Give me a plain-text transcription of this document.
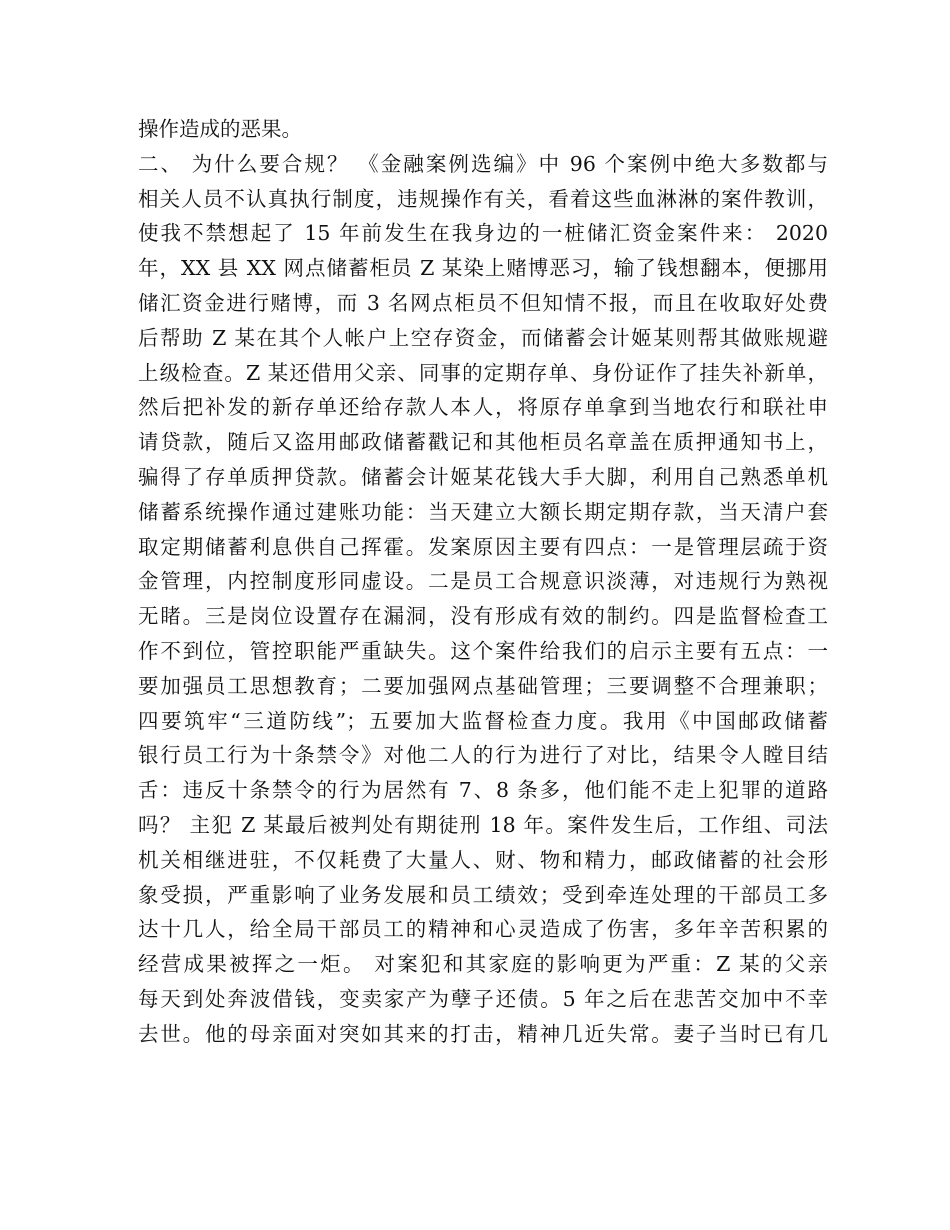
操作造成的恶果。
二、 为什么要合规？ 《金融案例选编》中 96 个案例中绝大多数都与
相关人员不认真执行制度，违规操作有关，看着这些血淋淋的案件教训，
使我不禁想起了 15 年前发生在我身边的一桩储汇资金案件来： 2020
年，XX 县 XX 网点储蓄柜员 Z 某染上赌博恶习，输了钱想翻本，便挪用
储汇资金进行赌博，而 3 名网点柜员不但知情不报，而且在收取好处费
后帮助 Z 某在其个人帐户上空存资金，而储蓄会计姬某则帮其做账规避
上级检查。Z 某还借用父亲、同事的定期存单、身份证作了挂失补新单，
然后把补发的新存单还给存款人本人，将原存单拿到当地农行和联社申
请贷款，随后又盗用邮政储蓄戳记和其他柜员名章盖在质押通知书上，
骗得了存单质押贷款。储蓄会计姬某花钱大手大脚，利用自己熟悉单机
储蓄系统操作通过建账功能：当天建立大额长期定期存款，当天清户套
取定期储蓄利息供自己挥霍。发案原因主要有四点：一是管理层疏于资
金管理，内控制度形同虚设。二是员工合规意识淡薄，对违规行为熟视
无睹。三是岗位设置存在漏洞，没有形成有效的制约。四是监督检查工
作不到位，管控职能严重缺失。这个案件给我们的启示主要有五点：一
要加强员工思想教育；二要加强网点基础管理；三要调整不合理兼职；
四要筑牢“三道防线”；五要加大监督检查力度。我用《中国邮政储蓄
银行员工行为十条禁令》对他二人的行为进行了对比，结果令人瞠目结
舌：违反十条禁令的行为居然有 7、8 条多，他们能不走上犯罪的道路
吗？ 主犯 Z 某最后被判处有期徒刑 18 年。案件发生后，工作组、司法
机关相继进驻，不仅耗费了大量人、财、物和精力，邮政储蓄的社会形
象受损，严重影响了业务发展和员工绩效；受到牵连处理的干部员工多
达十几人，给全局干部员工的精神和心灵造成了伤害，多年辛苦积累的
经营成果被挥之一炬。 对案犯和其家庭的影响更为严重：Z 某的父亲
每天到处奔波借钱，变卖家产为孽子还债。5 年之后在悲苦交加中不幸
去世。他的母亲面对突如其来的打击，精神几近失常。妻子当时已有几
